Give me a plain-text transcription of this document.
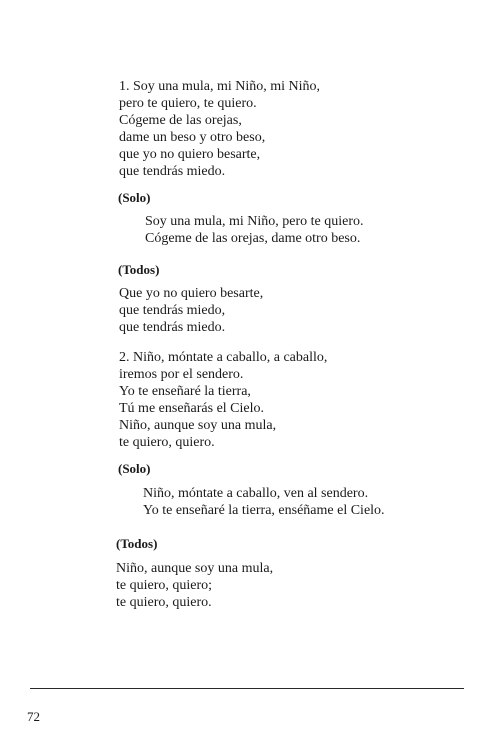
1. Soy una mula, mi Niño, mi Niño,
pero te quiero, te quiero.
Cógeme de las orejas,
dame un beso y otro beso,
que yo no quiero besarte,
que tendrás miedo.
(Solo)
Soy una mula, mi Niño, pero te quiero.
Cógeme de las orejas, dame otro beso.
(Todos)
Que yo no quiero besarte,
que tendrás miedo,
que tendrás miedo.
2. Niño, móntate a caballo, a caballo,
iremos por el sendero.
Yo te enseñaré la tierra,
Tú me enseñarás el Cielo.
Niño, aunque soy una mula,
te quiero, quiero.
(Solo)
Niño, móntate a caballo, ven al sendero.
Yo te enseñaré la tierra, enséñame el Cielo.
(Todos)
Niño, aunque soy una mula,
te quiero, quiero;
te quiero, quiero.
72
